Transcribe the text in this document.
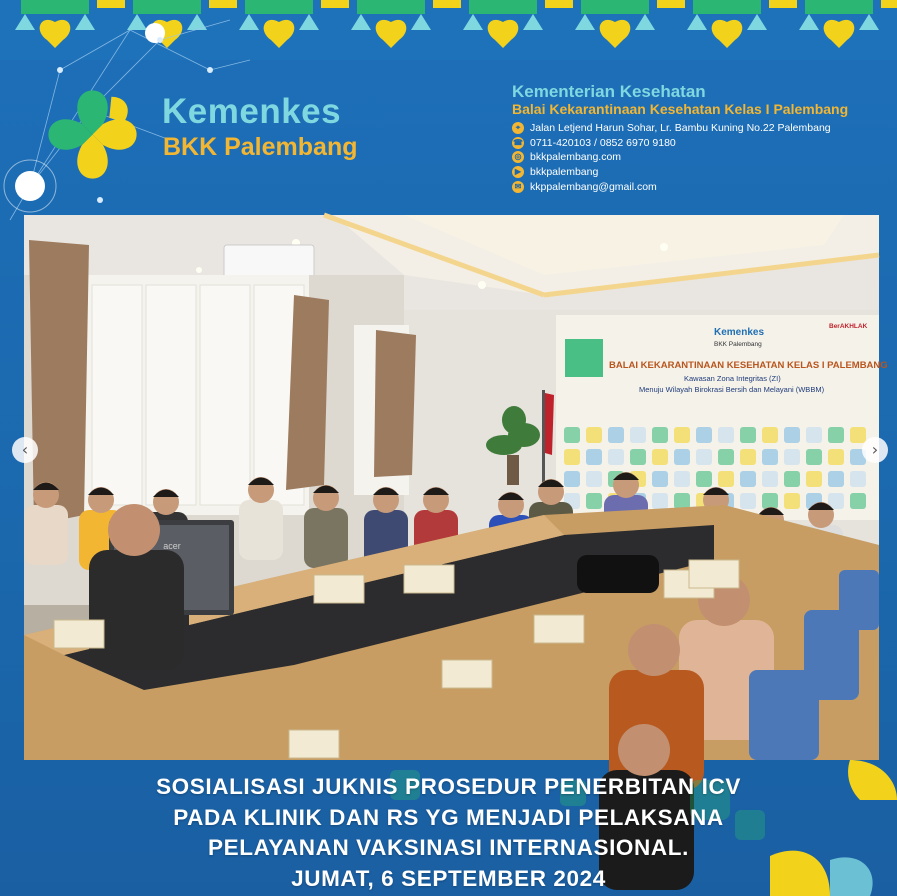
Kemenkes
BKK Palembang
Kementerian Kesehatan
Balai Kekarantinaan Kesehatan Kelas I Palembang
⌖ Jalan Letjend Harun Sohar, Lr. Bambu Kuning No.22 Palembang
☎ 0711-420103 / 0852 6970 9180
◎ bkkpalembang.com
▶ bkkpalembang
✉ kkppalembang@gmail.com
Kemenkes
BKK Palembang
BerAKHLAK
BALAI KEKARANTINAAN KESEHATAN KELAS I PALEMBANG
Kawasan Zona Integritas (ZI)
Menuju Wilayah Birokrasi Bersih dan Melayani (WBBM)
acer
‹	›
SOSIALISASI JUKNIS PROSEDUR PENERBITAN ICV
PADA KLINIK DAN RS YG MENJADI PELAKSANA
PELAYANAN VAKSINASI INTERNASIONAL.
JUMAT, 6 SEPTEMBER 2024
